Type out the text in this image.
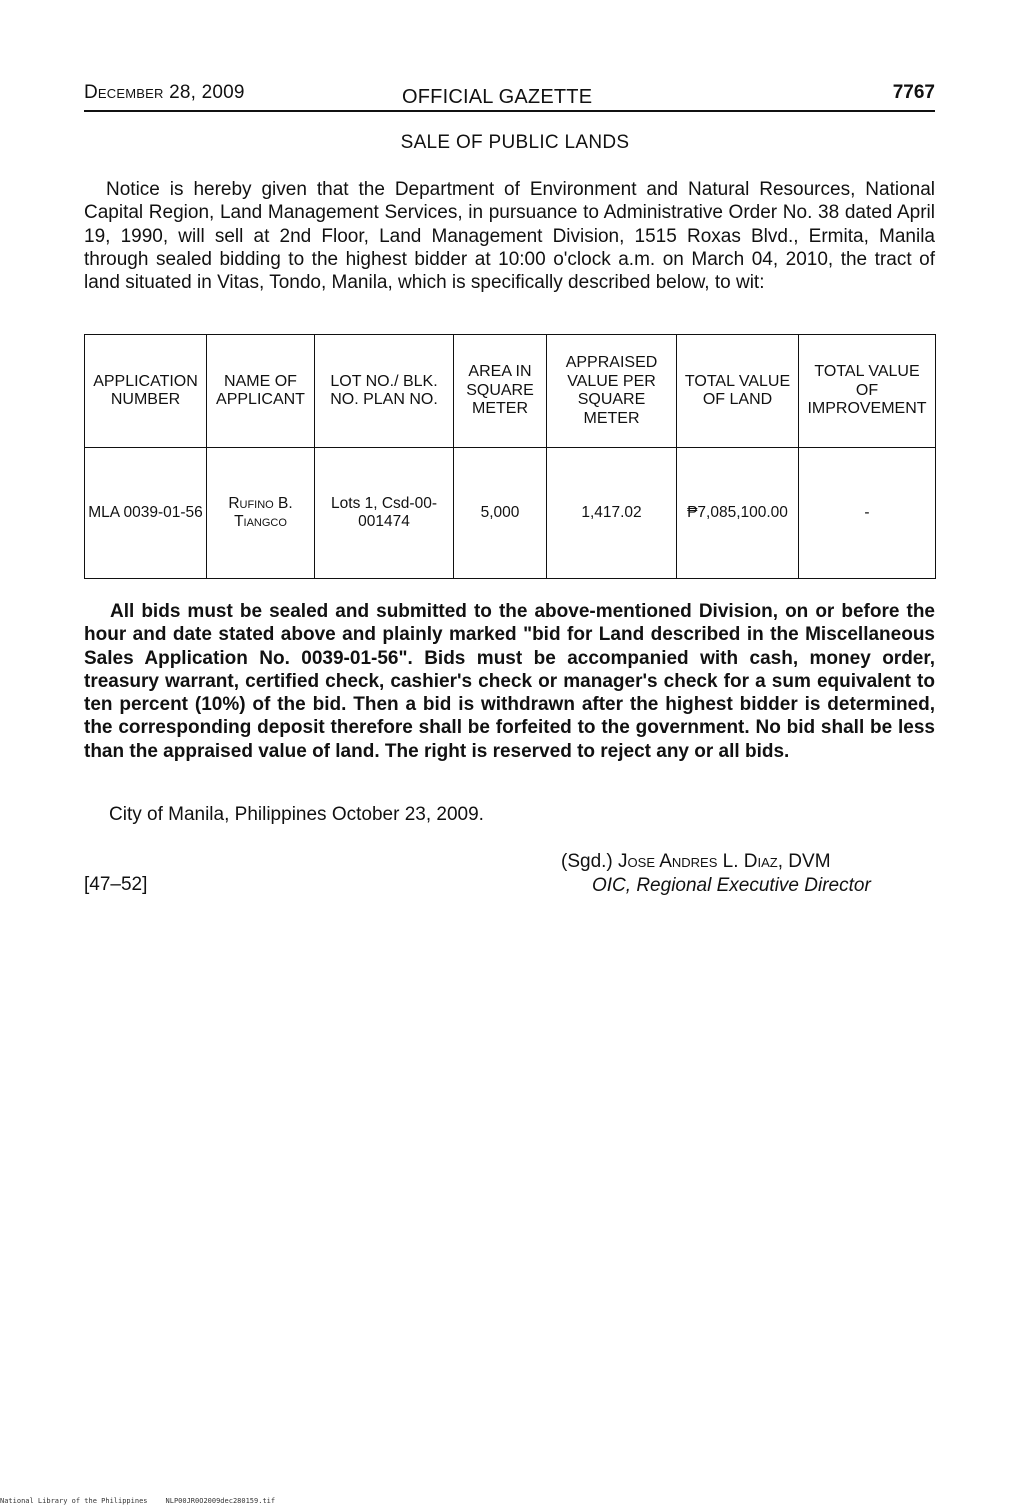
December 28, 2009	OFFICIAL GAZETTE	7767
SALE OF PUBLIC LANDS

Notice is hereby given that the Department of Environment and Natural Resources, National Capital Region, Land Management Services, in pursuance to Administrative Order No. 38 dated April 19, 1990, will sell at 2nd Floor, Land Management Division, 1515 Roxas Blvd., Ermita, Manila through sealed bidding to the highest bidder at 10:00 o'clock a.m. on March 04, 2010, the tract of land situated in Vitas, Tondo, Manila, which is specifically described below, to wit:

APPLICATION NUMBER	NAME OF APPLICANT	LOT NO./ BLK. NO. PLAN NO.	AREA IN SQUARE METER	APPRAISED VALUE PER SQUARE METER	TOTAL VALUE OF LAND	TOTAL VALUE OF IMPROVEMENT
MLA 0039-01-56	Rufino B. Tiangco	Lots 1, Csd-00-001474	5,000	1,417.02	₱7,085,100.00	-

All bids must be sealed and submitted to the above-mentioned Division, on or before the hour and date stated above and plainly marked "bid for Land described in the Miscellaneous Sales Application No. 0039-01-56". Bids must be accompanied with cash, money order, treasury warrant, certified check, cashier's check or manager's check for a sum equivalent to ten percent (10%) of the bid. Then a bid is withdrawn after the highest bidder is determined, the corresponding deposit therefore shall be forfeited to the government. No bid shall be less than the appraised value of land. The right is reserved to reject any or all bids.

City of Manila, Philippines October 23, 2009.
[47–52]
(Sgd.) Jose Andres L. Diaz, DVM
OIC, Regional Executive Director
National Library of the Philippines	NLP00JR0O2009dec280159.tif
